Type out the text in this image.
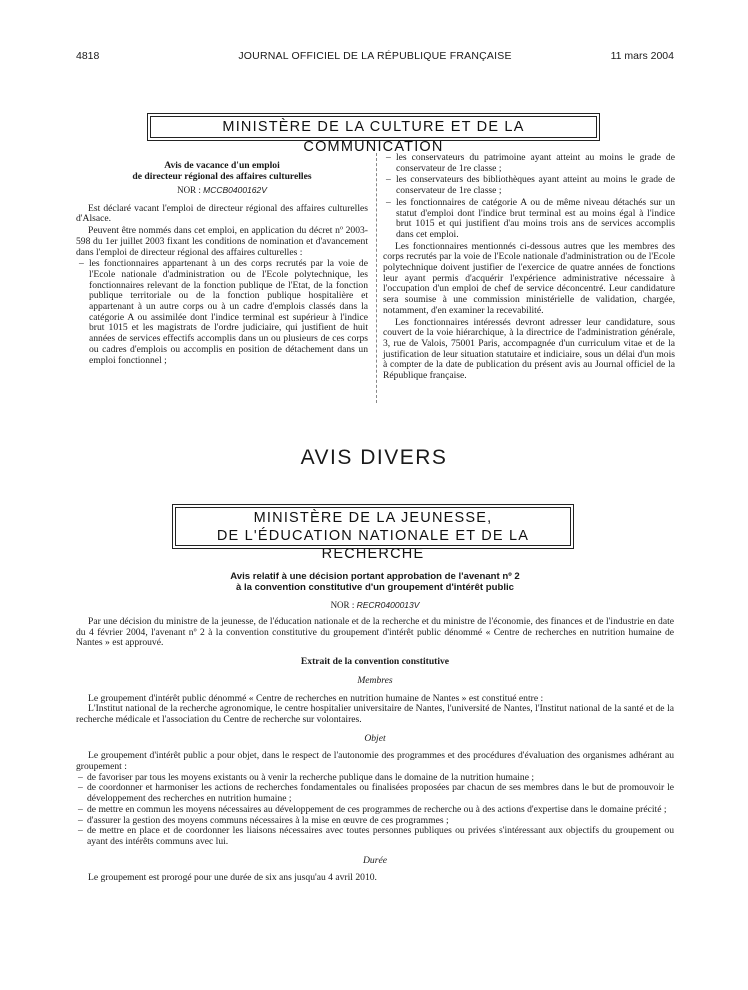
4818	JOURNAL OFFICIEL DE LA RÉPUBLIQUE FRANÇAISE	11 mars 2004
MINISTÈRE DE LA CULTURE ET DE LA COMMUNICATION
Avis de vacance d'un emploi
de directeur régional des affaires culturelles
NOR : MCCB0400162V

Est déclaré vacant l'emploi de directeur régional des affaires culturelles d'Alsace.

Peuvent être nommés dans cet emploi, en application du décret nº 2003-598 du 1er juillet 2003 fixant les conditions de nomination et d'avancement dans l'emploi de directeur régional des affaires culturelles :

– les fonctionnaires appartenant à un des corps recrutés par la voie de l'Ecole nationale d'administration ou de l'Ecole polytechnique, les fonctionnaires relevant de la fonction publique de l'Etat, de la fonction publique territoriale ou de la fonction publique hospitalière et appartenant à un autre corps ou à un cadre d'emplois classés dans la catégorie A ou assimilée dont l'indice terminal est supérieur à l'indice brut 1015 et les magistrats de l'ordre judiciaire, qui justifient de huit années de services effectifs accomplis dans un ou plusieurs de ces corps ou cadres d'emplois ou accomplis en position de détachement dans un emploi fonctionnel ;

– les conservateurs du patrimoine ayant atteint au moins le grade de conservateur de 1re classe ;

– les conservateurs des bibliothèques ayant atteint au moins le grade de conservateur de 1re classe ;

– les fonctionnaires de catégorie A ou de même niveau détachés sur un statut d'emploi dont l'indice brut terminal est au moins égal à l'indice brut 1015 et qui justifient d'au moins trois ans de services accomplis dans cet emploi.

Les fonctionnaires mentionnés ci-dessous autres que les membres des corps recrutés par la voie de l'Ecole nationale d'administration ou de l'Ecole polytechnique doivent justifier de l'exercice de quatre années de fonctions leur ayant permis d'acquérir l'expérience administrative nécessaire à l'occupation d'un emploi de chef de service déconcentré. Leur candidature sera soumise à une commission ministérielle de validation, chargée, notamment, d'en examiner la recevabilité.

Les fonctionnaires intéressés devront adresser leur candidature, sous couvert de la voie hiérarchique, à la directrice de l'administration générale, 3, rue de Valois, 75001 Paris, accompagnée d'un curriculum vitae et de la justification de leur situation statutaire et indiciaire, sous un délai d'un mois à compter de la date de publication du présent avis au Journal officiel de la République française.

AVIS DIVERS
MINISTÈRE DE LA JEUNESSE,
DE L'ÉDUCATION NATIONALE ET DE LA RECHERCHE
Avis relatif à une décision portant approbation de l'avenant nº 2
à la convention constitutive d'un groupement d'intérêt public
NOR : RECR0400013V

Par une décision du ministre de la jeunesse, de l'éducation nationale et de la recherche et du ministre de l'économie, des finances et de l'industrie en date du 4 février 2004, l'avenant nº 2 à la convention constitutive du groupement d'intérêt public dénommé « Centre de recherches en nutrition humaine de Nantes » est approuvé.

Extrait de la convention constitutive

Membres

Le groupement d'intérêt public dénommé « Centre de recherches en nutrition humaine de Nantes » est constitué entre :

L'Institut national de la recherche agronomique, le centre hospitalier universitaire de Nantes, l'université de Nantes, l'Institut national de la santé et de la recherche médicale et l'association du Centre de recherche sur volontaires.

Objet

Le groupement d'intérêt public a pour objet, dans le respect de l'autonomie des programmes et des procédures d'évaluation des organismes adhérant au groupement :

– de favoriser par tous les moyens existants ou à venir la recherche publique dans le domaine de la nutrition humaine ;

– de coordonner et harmoniser les actions de recherches fondamentales ou finalisées proposées par chacun de ses membres dans le but de promouvoir le développement des recherches en nutrition humaine ;

– de mettre en commun les moyens nécessaires au développement de ces programmes de recherche ou à des actions d'expertise dans le domaine précité ;

– d'assurer la gestion des moyens communs nécessaires à la mise en œuvre de ces programmes ;

– de mettre en place et de coordonner les liaisons nécessaires avec toutes personnes publiques ou privées s'intéressant aux objectifs du groupement ou ayant des intérêts communs avec lui.

Durée

Le groupement est prorogé pour une durée de six ans jusqu'au 4 avril 2010.
